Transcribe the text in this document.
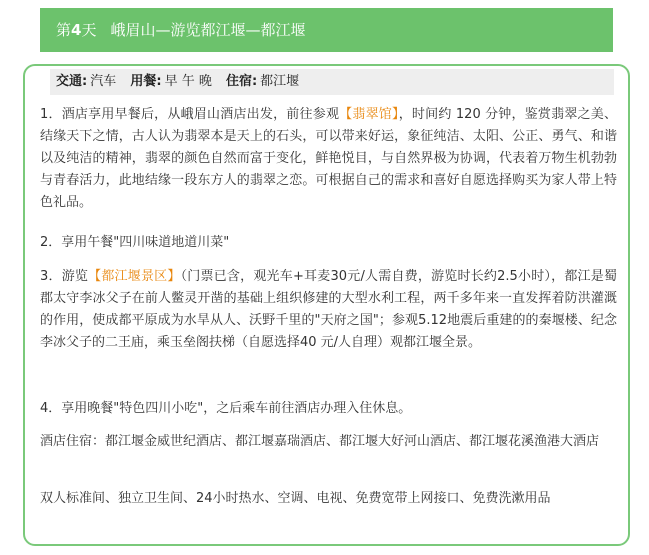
第4天 峨眉山—游览都江堰—都江堰
交通: 汽车 用餐: 早 午 晚 住宿: 都江堰

1．酒店享用早餐后，从峨眉山酒店出发，前往参观【翡翠馆】，时间约 120 分钟，鉴赏翡翠之美、结缘天下之情，古人认为翡翠本是天上的石头，可以带来好运，象征纯洁、太阳、公正、勇气、和谐以及纯洁的精神，翡翠的颜色自然而富于变化，鲜艳悦目，与自然界极为协调，代表着万物生机勃勃与青春活力，此地结缘一段东方人的翡翠之恋。可根据自己的需求和喜好自愿选择购买为家人带上特色礼品。

2．享用午餐"四川味道地道川菜"

3．游览【都江堰景区】（门票已含，观光车+耳麦30元/人需自费，游览时长约2.5小时），都江是蜀郡太守李冰父子在前人鳖灵开凿的基础上组织修建的大型水利工程，两千多年来一直发挥着防洪灌溉的作用，使成都平原成为水旱从人、沃野千里的"天府之国"；参观5.12地震后重建的的秦堰楼、纪念李冰父子的二王庙，乘玉垒阁扶梯（自愿选择40 元/人自理）观都江堰全景。

4．享用晚餐"特色四川小吃"，之后乘车前往酒店办理入住休息。

酒店住宿：都江堰金威世纪酒店、都江堰嘉瑞酒店、都江堰大好河山酒店、都江堰花溪渔港大酒店

双人标准间、独立卫生间、24小时热水、空调、电视、免费宽带上网接口、免费洗漱用品
